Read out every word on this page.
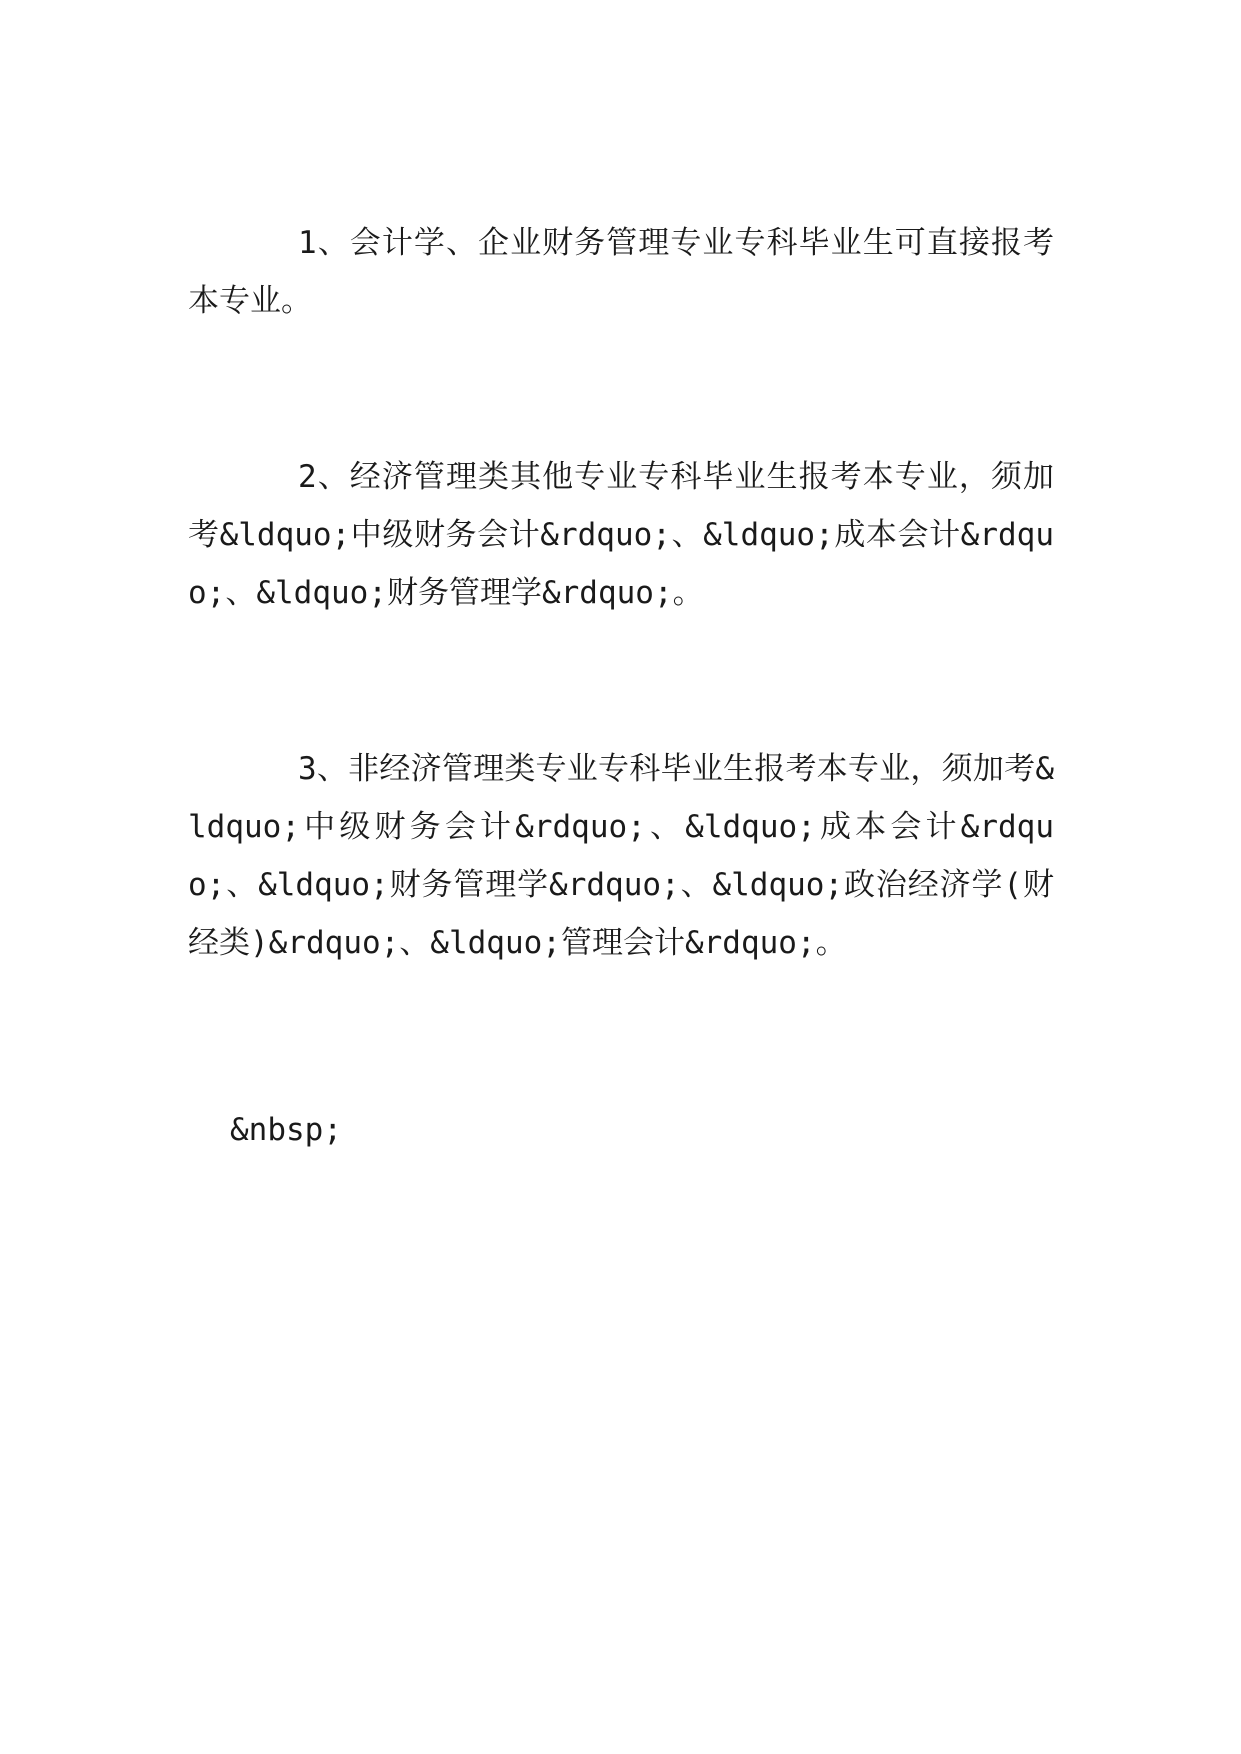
1、会计学、企业财务管理专业专科毕业生可直接报考本专业。

2、经济管理类其他专业专科毕业生报考本专业，须加考&ldquo;中级财务会计&rdquo;、&ldquo;成本会计&rdquo;、&ldquo;财务管理学&rdquo;。

3、非经济管理类专业专科毕业生报考本专业，须加考&ldquo;中级财务会计&rdquo;、&ldquo;成本会计&rdquo;、&ldquo;财务管理学&rdquo;、&ldquo;政治经济学(财经类)&rdquo;、&ldquo;管理会计&rdquo;。

&nbsp;
